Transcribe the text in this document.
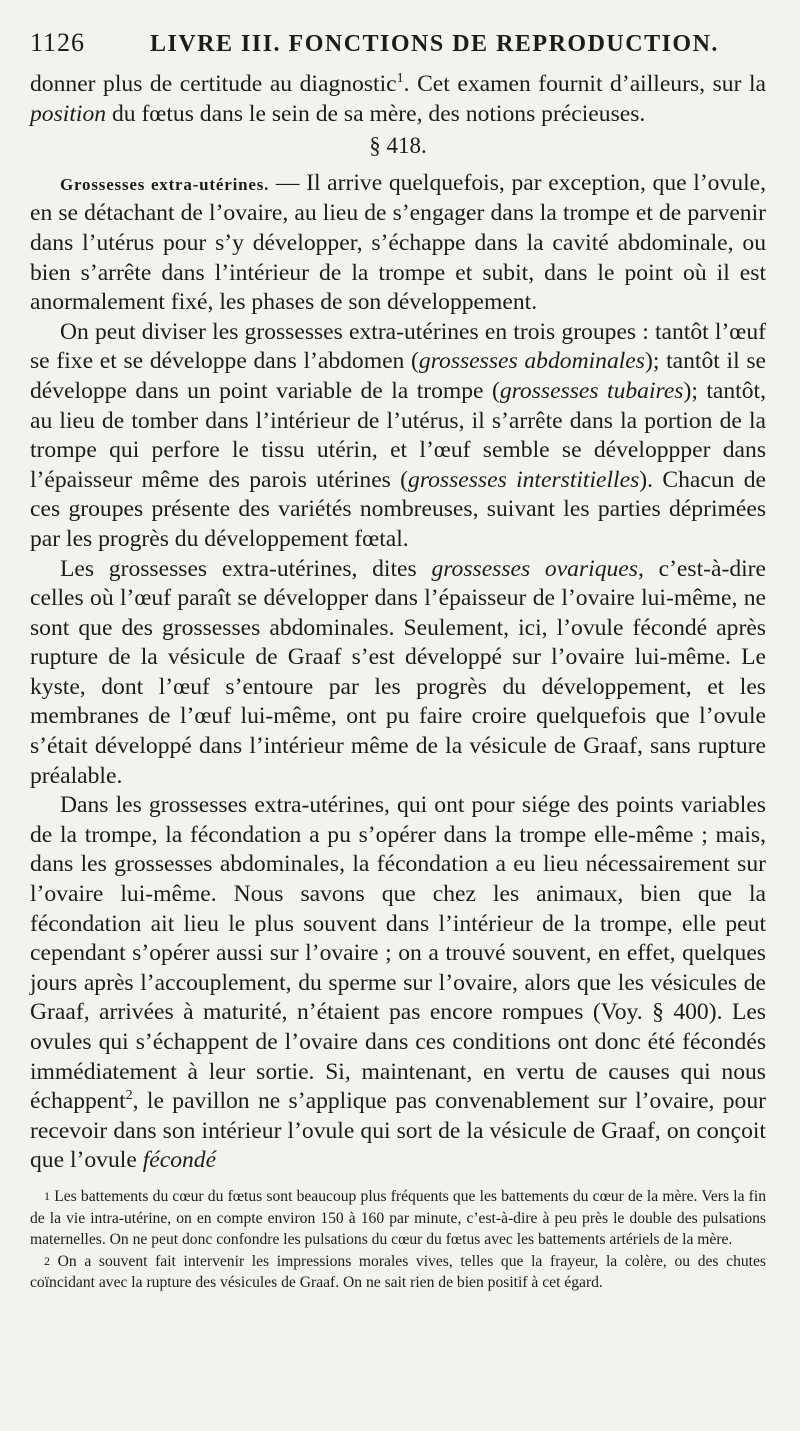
1126	LIVRE III. FONCTIONS DE REPRODUCTION.

donner plus de certitude au diagnostic$^1$. Cet examen fournit d’ailleurs, sur la position du fœtus dans le sein de sa mère, des notions précieuses.

§ 418.

Grossesses extra-utérines. — Il arrive quelquefois, par exception, que l’ovule, en se détachant de l’ovaire, au lieu de s’engager dans la trompe et de parvenir dans l’utérus pour s’y développer, s’échappe dans la cavité abdominale, ou bien s’arrête dans l’intérieur de la trompe et subit, dans le point où il est anormalement fixé, les phases de son développement.

On peut diviser les grossesses extra-utérines en trois groupes : tantôt l’œuf se fixe et se développe dans l’abdomen (grossesses abdominales); tantôt il se développe dans un point variable de la trompe (grossesses tubaires); tantôt, au lieu de tomber dans l’intérieur de l’utérus, il s’arrête dans la portion de la trompe qui perfore le tissu utérin, et l’œuf semble se développper dans l’épaisseur même des parois utérines (grossesses interstitielles). Chacun de ces groupes présente des variétés nombreuses, suivant les parties déprimées par les progrès du développement fœtal.

Les grossesses extra-utérines, dites grossesses ovariques, c’est-à-dire celles où l’œuf paraît se développer dans l’épaisseur de l’ovaire lui-même, ne sont que des grossesses abdominales. Seulement, ici, l’ovule fécondé après rupture de la vésicule de Graaf s’est développé sur l’ovaire lui-même. Le kyste, dont l’œuf s’entoure par les progrès du développement, et les membranes de l’œuf lui-même, ont pu faire croire quelquefois que l’ovule s’était développé dans l’intérieur même de la vésicule de Graaf, sans rupture préalable.

Dans les grossesses extra-utérines, qui ont pour siége des points variables de la trompe, la fécondation a pu s’opérer dans la trompe elle-même ; mais, dans les grossesses abdominales, la fécondation a eu lieu nécessairement sur l’ovaire lui-même. Nous savons que chez les animaux, bien que la fécondation ait lieu le plus souvent dans l’intérieur de la trompe, elle peut cependant s’opérer aussi sur l’ovaire ; on a trouvé souvent, en effet, quelques jours après l’accouplement, du sperme sur l’ovaire, alors que les vésicules de Graaf, arrivées à maturité, n’étaient pas encore rompues (Voy. § 400). Les ovules qui s’échappent de l’ovaire dans ces conditions ont donc été fécondés immédiatement à leur sortie. Si, maintenant, en vertu de causes qui nous échappent$^2$, le pavillon ne s’applique pas convenablement sur l’ovaire, pour recevoir dans son intérieur l’ovule qui sort de la vésicule de Graaf, on conçoit que l’ovule fécondé

$^1$ Les battements du cœur du fœtus sont beaucoup plus fréquents que les battements du cœur de la mère. Vers la fin de la vie intra-utérine, on en compte environ 150 à 160 par minute, c’est-à-dire à peu près le double des pulsations maternelles. On ne peut donc confondre les pulsations du cœur du fœtus avec les battements artériels de la mère.

$^2$ On a souvent fait intervenir les impressions morales vives, telles que la frayeur, la colère, ou des chutes coïncidant avec la rupture des vésicules de Graaf. On ne sait rien de bien positif à cet égard.
